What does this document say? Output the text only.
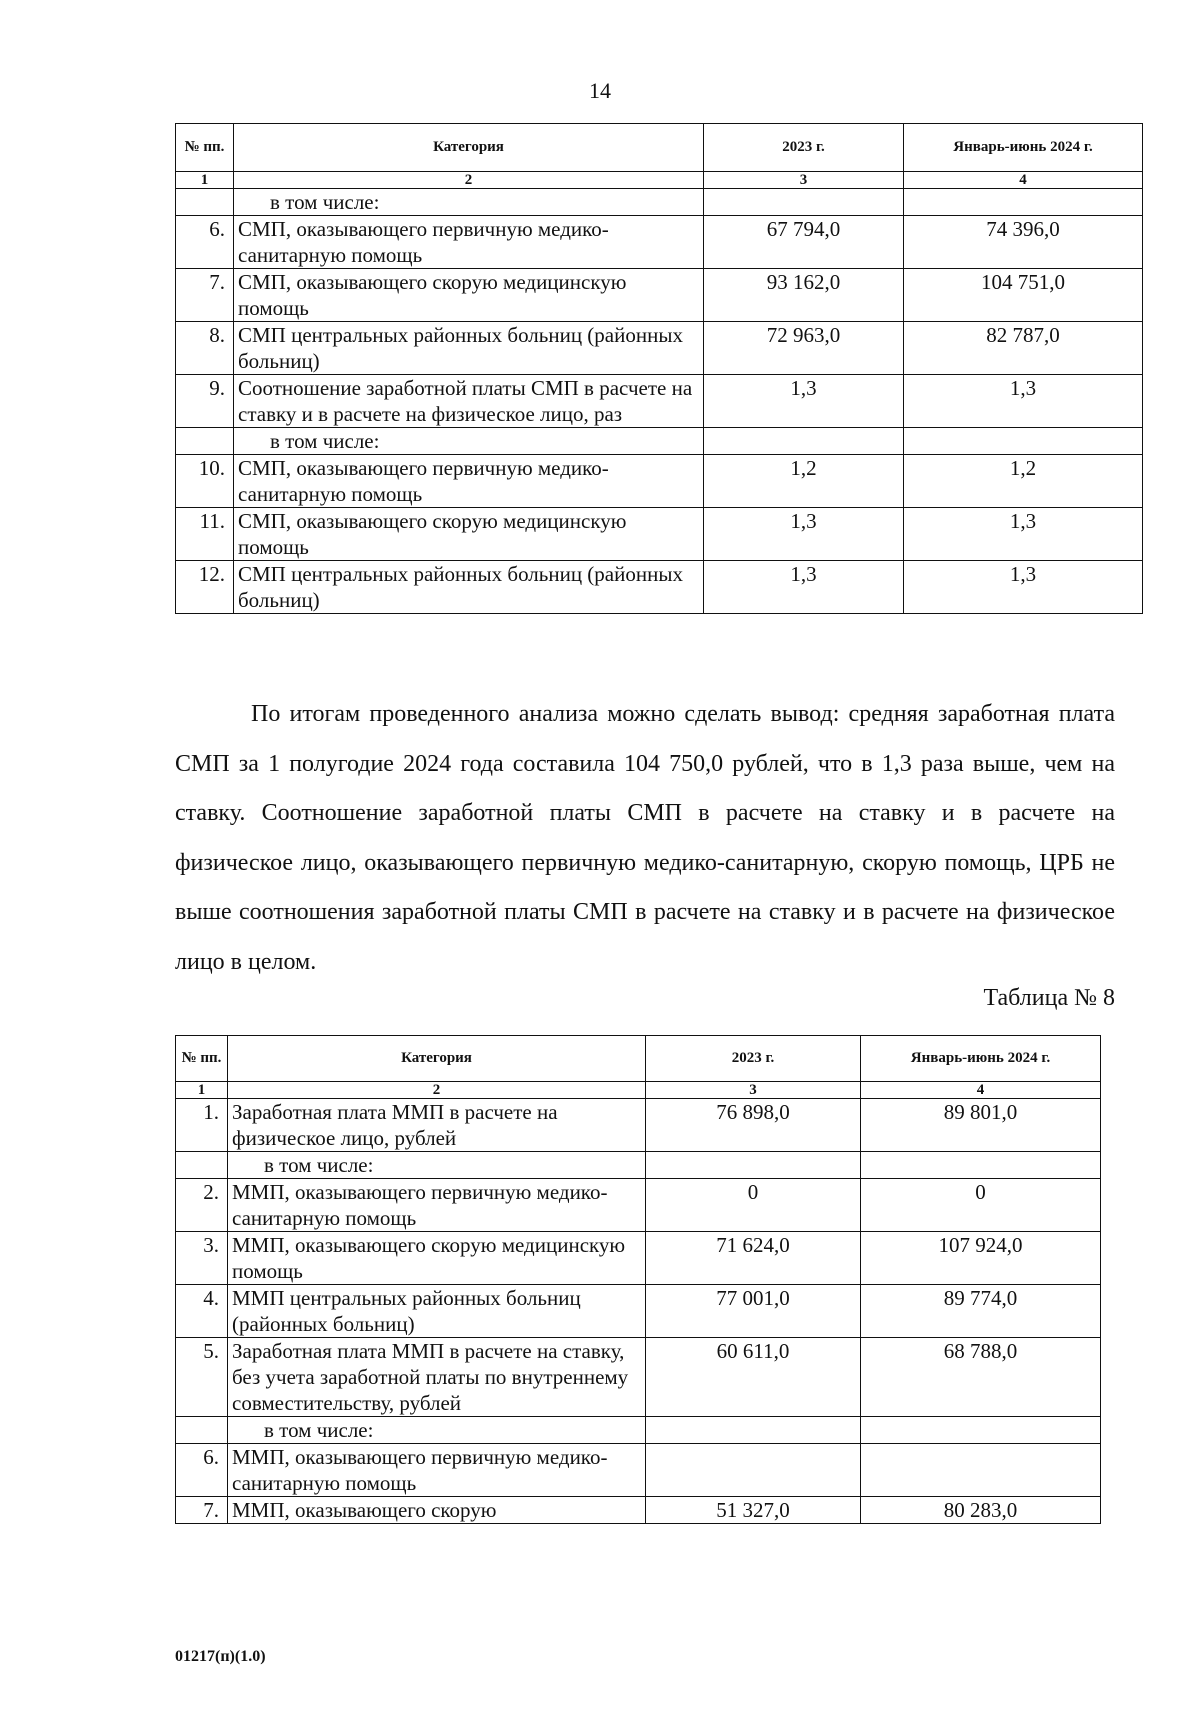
14
№ пп.	Категория	2023 г.	Январь-июнь 2024 г.
1	2	3	4
	в том числе:		
6.	СМП, оказывающего первичную медико-санитарную помощь	67 794,0	74 396,0
7.	СМП, оказывающего скорую медицинскую помощь	93 162,0	104 751,0
8.	СМП центральных районных больниц (районных больниц)	72 963,0	82 787,0
9.	Соотношение заработной платы СМП в расчете на ставку и в расчете на физическое лицо, раз	1,3	1,3
	в том числе:		
10.	СМП, оказывающего первичную медико-санитарную помощь	1,2	1,2
11.	СМП, оказывающего скорую медицинскую помощь	1,3	1,3
12.	СМП центральных районных больниц (районных больниц)	1,3	1,3
По итогам проведенного анализа можно сделать вывод: средняя заработная плата СМП за 1 полугодие 2024 года составила 104 750,0 рублей, что в 1,3 раза выше, чем на ставку. Соотношение заработной платы СМП в расчете на ставку и в расчете на физическое лицо, оказывающего первичную медико-санитарную, скорую помощь, ЦРБ не выше соотношения заработной платы СМП в расчете на ставку и в расчете на физическое лицо в целом.
Таблица № 8
№ пп.	Категория	2023 г.	Январь-июнь 2024 г.
1	2	3	4
1.	Заработная плата ММП в расчете на физическое лицо, рублей	76 898,0	89 801,0
	в том числе:		
2.	ММП, оказывающего первичную медико-санитарную помощь	0	0
3.	ММП, оказывающего скорую медицинскую помощь	71 624,0	107 924,0
4.	ММП центральных районных больниц (районных больниц)	77 001,0	89 774,0
5.	Заработная плата ММП в расчете на ставку, без учета заработной платы по внутреннему совместительству, рублей	60 611,0	68 788,0
	в том числе:		
6.	ММП, оказывающего первичную медико-санитарную помощь		
7.	ММП, оказывающего скорую	51 327,0	80 283,0
01217(п)(1.0)
